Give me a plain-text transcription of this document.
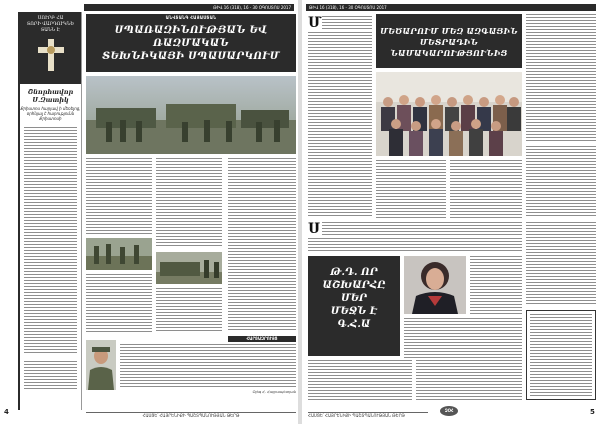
ԹԻՎ 16 (318), 16 - 30 ՕԳՈՍՏՈՍ 2017
ՍՈՒՐԲ ՀԱ
ՏՈՐԻ ՎԱՐԴՈՒԿՆԵ
ՏԱՆՆ Է
Շնորհավոր
Ս.Զատիկ
Քրիստոս հարյավ ի մեռելոց, օրհնյալ է հարությունն Քրիստոսի
ԱՆՎՏԱՆԳ ՀԱՅԱՍՏԱՆ
ՍՊԱՌԱԶԻՆՈՒԹՅԱՆ ԵՎ ՌԱԶՄԱԿԱՆ
ՏԵԽՆԻԿԱՅԻ ՍՊԱՍԱՐԿՈՒՄ
ՀԱՐՑԱԶՐՈՒՅՑ
Օլեգ Հ. Հայրապետյան
4	ՀԱՍՑԵ՝ ՀԱՅՐԵՆԻՔԻ ՊԱՇՏՊԱՆՈՒԹՅԱՆ ԹԵՐԹ
ԹԻՎ 16 (318), 16 - 30 ՕԳՈՍՏՈՍ 2017
Մ	ՄԵԾԱՐՈՒՄ ՄԵԶ ԱԶԳԱՅԻՆ ՄԵՏՐԱԴԻՆ
ՆԱՄԱԿԱՐՈՒԹՅՈՒՆԻՑ
Ս
Թ.Դ. ՈՐ
ԱՇԽԱՐՀԸ
ՄԵՐ
ՄԵՋՆ Է
Գ.Հ.Ա
ԶՕՀ	5
ՀԱՍՑԵ՝ ՀԱՅՐԵՆԻՔԻ ՊԱՇՏՊԱՆՈՒԹՅԱՆ ԹԵՐԹ
